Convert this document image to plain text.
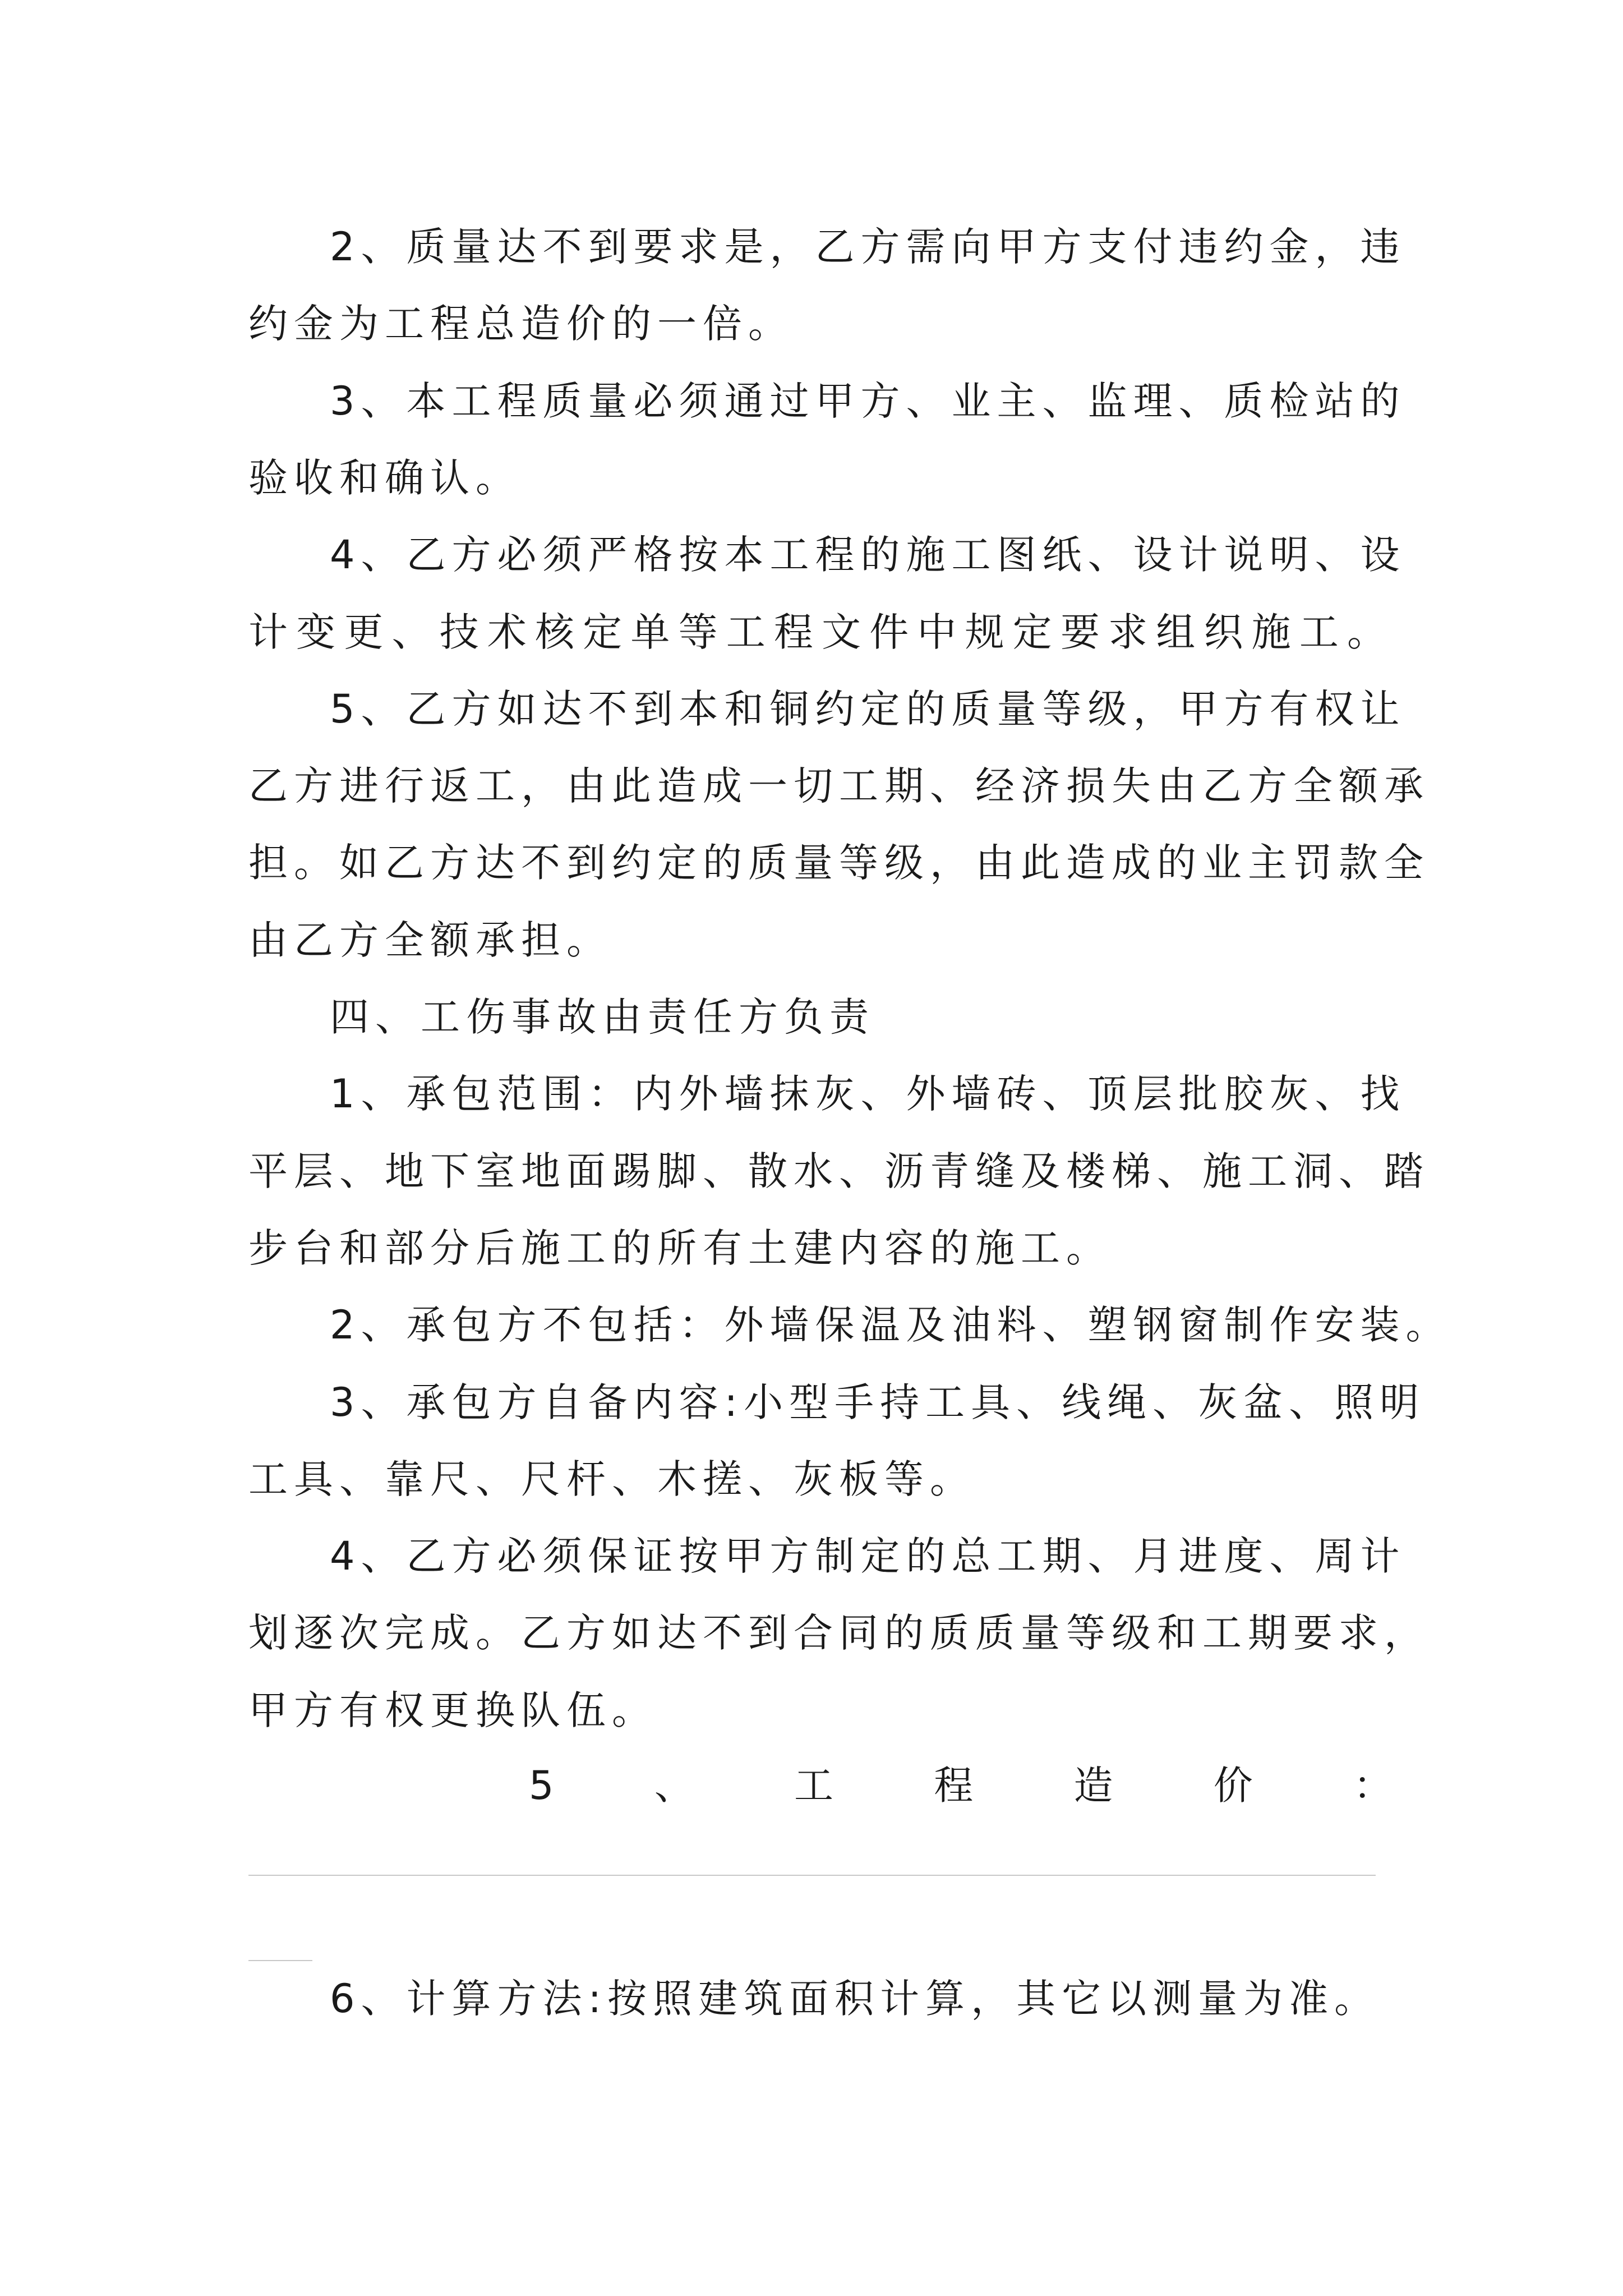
2、质量达不到要求是，乙方需向甲方支付违约金，违
约金为工程总造价的一倍。
3、本工程质量必须通过甲方、业主、监理、质检站的
验收和确认。
4、乙方必须严格按本工程的施工图纸、设计说明、设
计变更、技术核定单等工程文件中规定要求组织施工。
5、乙方如达不到本和铜约定的质量等级，甲方有权让
乙方进行返工，由此造成一切工期、经济损失由乙方全额承
担。如乙方达不到约定的质量等级，由此造成的业主罚款全
由乙方全额承担。
四、工伤事故由责任方负责
1、承包范围：内外墙抹灰、外墙砖、顶层批胶灰、找
平层、地下室地面踢脚、散水、沥青缝及楼梯、施工洞、踏
步台和部分后施工的所有土建内容的施工。
2、承包方不包括：外墙保温及油料、塑钢窗制作安装。
3、承包方自备内容:小型手持工具、线绳、灰盆、照明
工具、靠尺、尺杆、木搓、灰板等。
4、乙方必须保证按甲方制定的总工期、月进度、周计
划逐次完成。乙方如达不到合同的质质量等级和工期要求，
甲方有权更换队伍。
5	、	工	程	造	价	：
6、计算方法:按照建筑面积计算，其它以测量为准。
